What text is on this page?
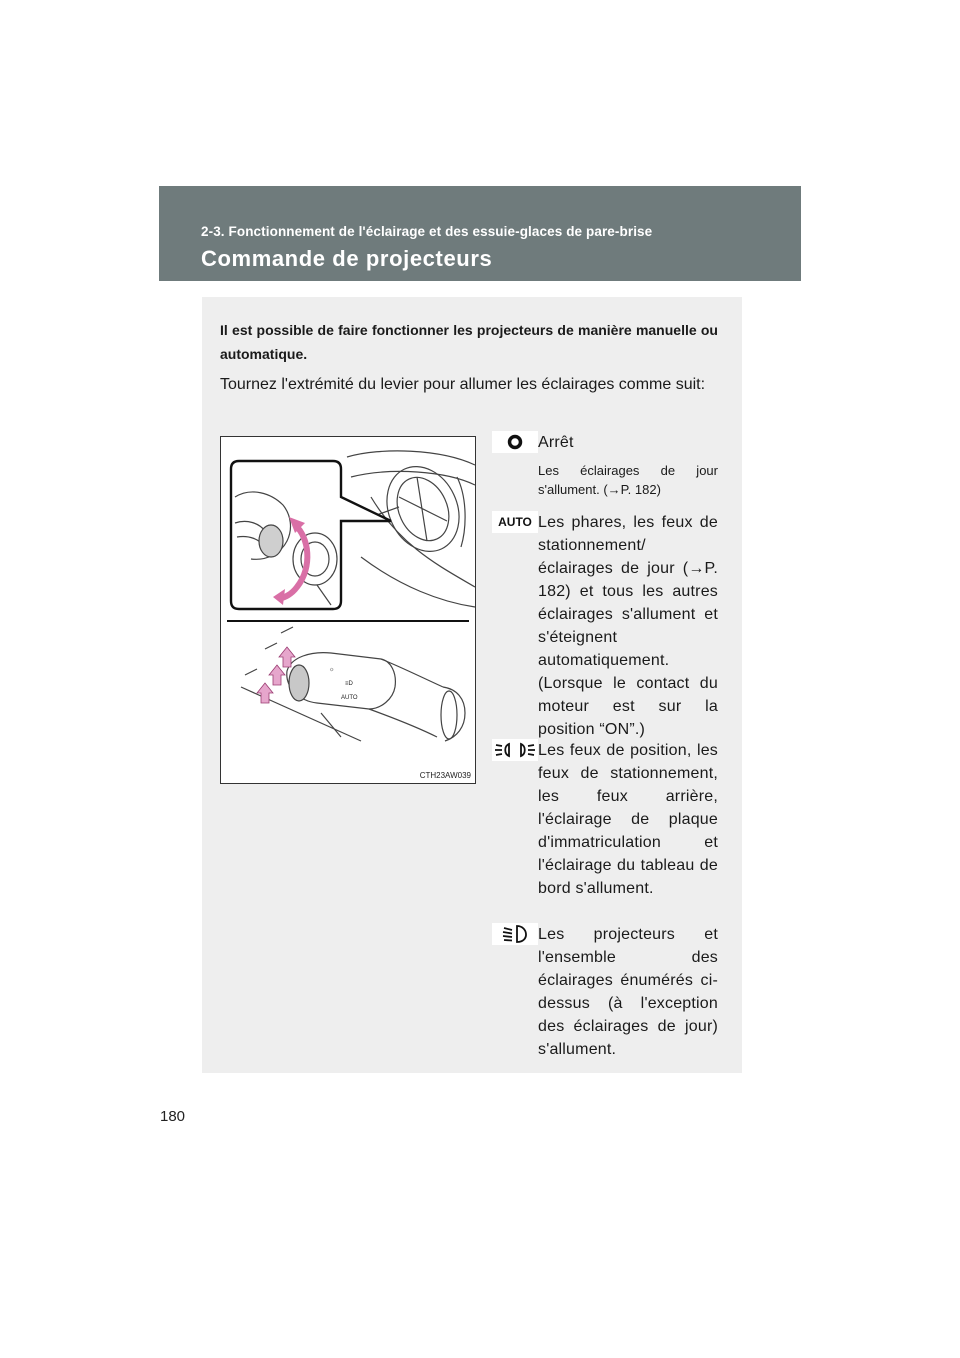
2-3. Fonctionnement de l'éclairage et des essuie-glaces de pare-brise
Commande de projecteurs
Il est possible de faire fonctionner les projecteurs de manière manuelle ou automatique.
Tournez l'extrémité du levier pour allumer les éclairages comme suit:
☼
≡D
AUTO
CTH23AW039
Arrêt
Les éclairages de jour s'allument. (→P. 182)
AUTO Les phares, les feux de stationnement/ éclairages de jour (→P. 182) et tous les autres éclairages s'allument et s'éteignent automatiquement. (Lorsque le contact du moteur est sur la position “ON”.)
Les feux de position, les feux de stationnement, les feux arrière, l'éclairage de plaque d'immatriculation et l'éclairage du tableau de bord s'allument.
Les projecteurs et l'ensemble des éclairages énumérés ci-dessus (à l'exception des éclairages de jour) s'allument.
180
